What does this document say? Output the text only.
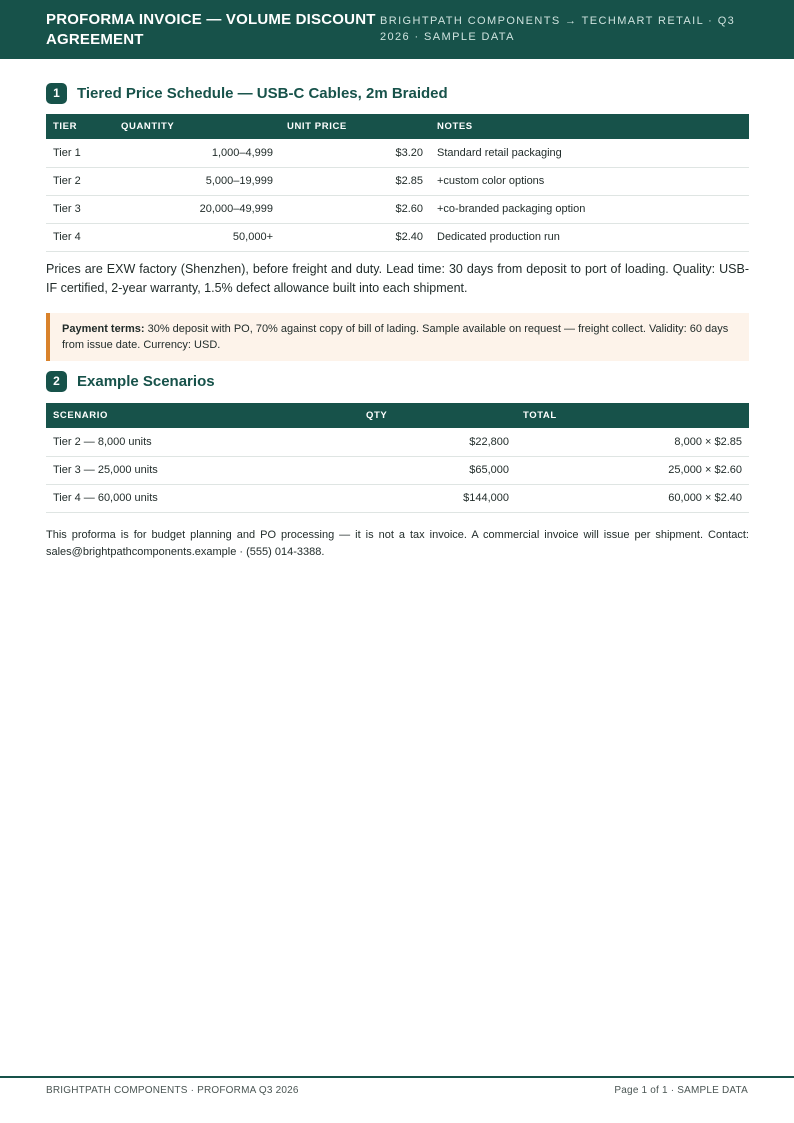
PROFORMA INVOICE — VOLUME DISCOUNT AGREEMENT
BRIGHTPATH COMPONENTS → TECHMART RETAIL · Q3 2026 · SAMPLE DATA
1	Tiered Price Schedule — USB-C Cables, 2m Braided
TIER	QUANTITY	UNIT PRICE	NOTES
Tier 1	1,000–4,999	$3.20	Standard retail packaging
Tier 2	5,000–19,999	$2.85	+custom color options
Tier 3	20,000–49,999	$2.60	+co-branded packaging option
Tier 4	50,000+	$2.40	Dedicated production run
Prices are EXW factory (Shenzhen), before freight and duty. Lead time: 30 days from deposit to port of loading. Quality: USB-IF certified, 2-year warranty, 1.5% defect allowance built into each shipment.
Payment terms: 30% deposit with PO, 70% against copy of bill of lading. Sample available on request — freight collect. Validity: 60 days from issue date. Currency: USD.
2	Example Scenarios
SCENARIO	QTY	TOTAL
Tier 2 — 8,000 units	$22,800	8,000 × $2.85
Tier 3 — 25,000 units	$65,000	25,000 × $2.60
Tier 4 — 60,000 units	$144,000	60,000 × $2.40
This proforma is for budget planning and PO processing — it is not a tax invoice. A commercial invoice will issue per shipment. Contact: sales@brightpathcomponents.example · (555) 014-3388.
BRIGHTPATH COMPONENTS · PROFORMA Q3 2026	Page 1 of 1 · SAMPLE DATA
